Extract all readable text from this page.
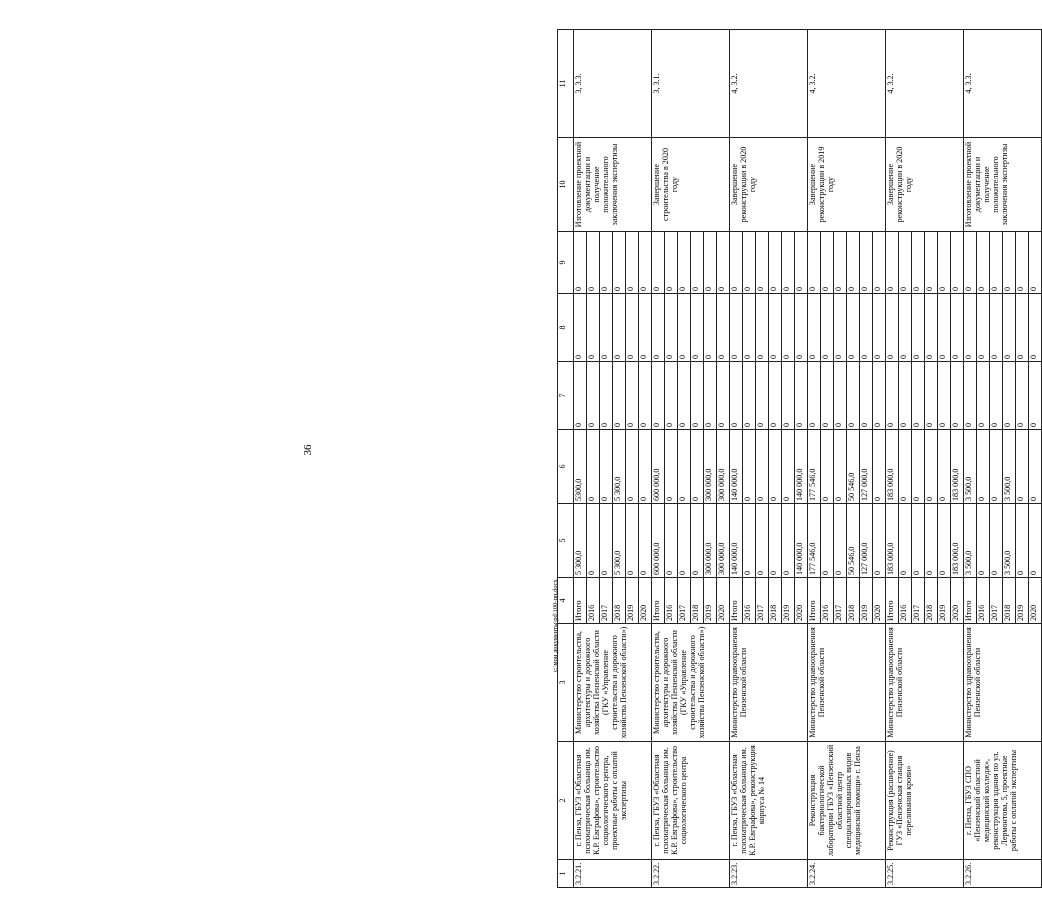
36
c:\мои документы\pd\100-пп.docx
1	2	3	4	5	6	7	8	9	10	11
3.2.21.	г. Пенза, ГБУЗ «Областная психиатрическая больница им. К.Р. Евграфова», строительство социологического центра, проектные работы с оплатой экспертизы	Министерство строительства, архитектуры и дорожного хозяйства Пензенской области (ГКУ «Управление строительства и дорожного хозяйства Пензенской области»)	Итого	5 300,0	5300,0	0	0	0	Изготовление проектной документации и получение положительного заключения экспертизы	3, 3.3.
			2016	0	0	0	0	0		
			2017	0	0	0	0	0		
			2018	5 300,0	5 300,0	0	0	0		
			2019	0	0	0	0	0		
			2020	0	0	0	0	0		
3.2.22.	г. Пенза, ГБУЗ «Областная психиатрическая больница им. К.Р. Евграфова», строительство социологического центра	Министерство строительства, архитектуры и дорожного хозяйства Пензенской области (ГКУ «Управление строительства и дорожного хозяйства Пензенской области»)	Итого	600 000,0	600 000,0	0	0	0	Завершение строительства в 2020 году	3, 3.1.
			2016	0	0	0	0	0		
			2017	0	0	0	0	0		
			2018	0	0	0	0	0		
			2019	300 000,0	300 000,0	0	0	0		
			2020	300 000,0	300 000,0	0	0	0		
3.2.23.	г. Пенза, ГБУЗ «Областная психиатрическая больница им. К.Р. Евграфова», реконструкция корпуса № 14	Министерство здравоохранения Пензенской области	Итого	140 000,0	140 000,0	0	0	0	Завершение реконструкции в 2020 году	4, 3.2.
			2016	0	0	0	0	0		
			2017	0	0	0	0	0		
			2018	0	0	0	0	0		
			2019	0	0	0	0	0		
			2020	140 000,0	140 000,0	0	0	0		
3.2.24.	Реконструкция бактериологической лаборатории ГБУЗ «Пензенский областной центр специализированных видов медицинской помощи» г. Пенза	Министерство здравоохранения Пензенской области	Итого	177 546,0	177 546,0	0	0	0	Завершение реконструкции в 2019 году	4, 3.2.
			2016	0	0	0	0	0		
			2017	0	0	0	0	0		
			2018	50 546,0	50 546,0	0	0	0		
			2019	127 000,0	127 000,0	0	0	0		
			2020	0	0	0	0	0		
3.2.25.	Реконструкция (расширение) ГУЗ «Пензенская станция переливания крови»	Министерство здравоохранения Пензенской области	Итого	183 000,0	183 000,0	0	0	0	Завершение реконструкции в 2020 году	4, 3.2.
			2016	0	0	0	0	0		
			2017	0	0	0	0	0		
			2018	0	0	0	0	0		
			2019	0	0	0	0	0		
			2020	183 000,0	183 000,0	0	0	0		
3.2.26.	г. Пенза, ГБУЗ СПО «Пензенский областной медицинский колледж», реконструкция здания по ул. Лермонтова, 5, проектные работы с оплатой экспертизы	Министерство здравоохранения Пензенской области	Итого	3 500,0	3 500,0	0	0	0	Изготовление проектной документации и получение положительного заключения экспертизы	4, 3.3.
			2016	0	0	0	0	0		
			2017	0	0	0	0	0		
			2018	3 500,0	3 500,0	0	0	0		
			2019	0	0	0	0	0		
			2020	0	0	0	0	0		
